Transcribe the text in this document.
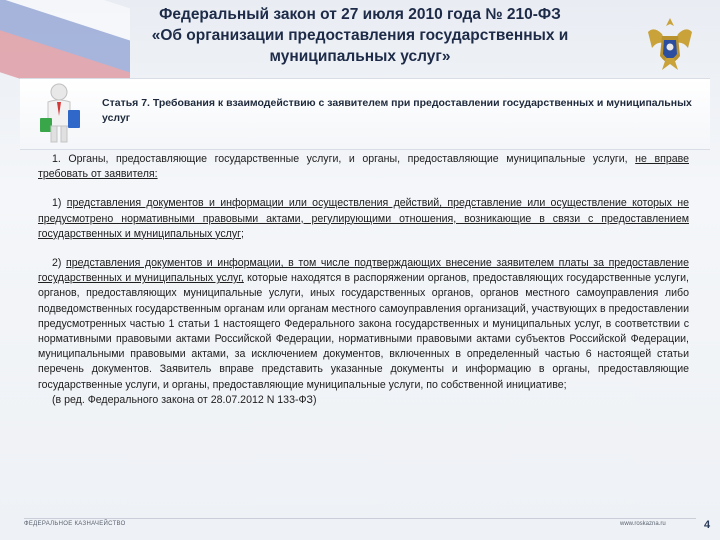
Федеральный закон от 27 июля 2010 года № 210-ФЗ
«Об организации предоставления государственных и
муниципальных услуг»
Статья 7. Требования к взаимодействию с заявителем при предоставлении государственных и муниципальных услуг

1. Органы, предоставляющие государственные услуги, и органы, предоставляющие муниципальные услуги, не вправе требовать от заявителя:

1) представления документов и информации или осуществления действий, представление или осуществление которых не предусмотрено нормативными правовыми актами, регулирующими отношения, возникающие в связи с предоставлением государственных и муниципальных услуг;

2) представления документов и информации, в том числе подтверждающих внесение заявителем платы за предоставление государственных и муниципальных услуг, которые находятся в распоряжении органов, предоставляющих государственные услуги, органов, предоставляющих муниципальные услуги, иных государственных органов, органов местного самоуправления либо подведомственных государственным органам или органам местного самоуправления организаций, участвующих в предоставлении предусмотренных частью 1 статьи 1 настоящего Федерального закона государственных и муниципальных услуг, в соответствии с нормативными правовыми актами Российской Федерации, нормативными правовыми актами субъектов Российской Федерации, муниципальными правовыми актами, за исключением документов, включенных в определенный частью 6 настоящей статьи перечень документов. Заявитель вправе представить указанные документы и информацию в органы, предоставляющие государственные услуги, и органы, предоставляющие муниципальные услуги, по собственной инициативе;

(в ред. Федерального закона от 28.07.2012 N 133-ФЗ)

ФЕДЕРАЛЬНОЕ КАЗНАЧЕЙСТВО	www.roskazna.ru	4
